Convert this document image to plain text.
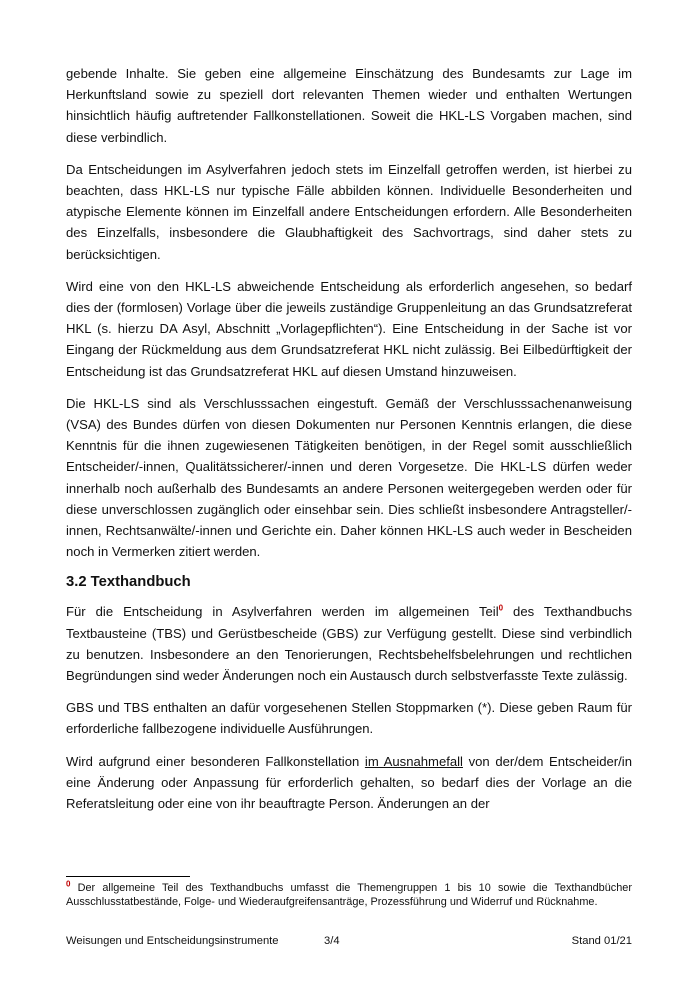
gebende Inhalte. Sie geben eine allgemeine Einschätzung des Bundesamts zur Lage im Herkunftsland sowie zu speziell dort relevanten Themen wieder und enthalten Wertungen hinsichtlich häufig auftretender Fallkonstellationen. Soweit die HKL-LS Vorgaben machen, sind diese verbindlich.

Da Entscheidungen im Asylverfahren jedoch stets im Einzelfall getroffen werden, ist hierbei zu beachten, dass HKL-LS nur typische Fälle abbilden können. Individuelle Besonderheiten und atypische Elemente können im Einzelfall andere Entscheidungen erfordern. Alle Besonderheiten des Einzelfalls, insbesondere die Glaubhaftigkeit des Sachvortrags, sind daher stets zu berücksichtigen.

Wird eine von den HKL-LS abweichende Entscheidung als erforderlich angesehen, so bedarf dies der (formlosen) Vorlage über die jeweils zuständige Gruppenleitung an das Grundsatzreferat HKL (s. hierzu DA Asyl, Abschnitt „Vorlagepflichten“). Eine Entscheidung in der Sache ist vor Eingang der Rückmeldung aus dem Grundsatzreferat HKL nicht zulässig. Bei Eilbedürftigkeit der Entscheidung ist das Grundsatzreferat HKL auf diesen Umstand hinzuweisen.

Die HKL-LS sind als Verschlusssachen eingestuft. Gemäß der Verschlusssachenanweisung (VSA) des Bundes dürfen von diesen Dokumenten nur Personen Kenntnis erlangen, die diese Kenntnis für die ihnen zugewiesenen Tätigkeiten benötigen, in der Regel somit ausschließlich Entscheider/-innen, Qualitätssicherer/-innen und deren Vorgesetze. Die HKL-LS dürfen weder innerhalb noch außerhalb des Bundesamts an andere Personen weitergegeben werden oder für diese unverschlossen zugänglich oder einsehbar sein. Dies schließt insbesondere Antragsteller/-innen, Rechtsanwälte/-innen und Gerichte ein. Daher können HKL-LS auch weder in Bescheiden noch in Vermerken zitiert werden.

3.2 Texthandbuch

Für die Entscheidung in Asylverfahren werden im allgemeinen Teil$^0$ des Texthandbuchs Textbausteine (TBS) und Gerüstbescheide (GBS) zur Verfügung gestellt. Diese sind verbindlich zu benutzen. Insbesondere an den Tenorierungen, Rechtsbehelfsbelehrungen und rechtlichen Begründungen sind weder Änderungen noch ein Austausch durch selbstverfasste Texte zulässig.

GBS und TBS enthalten an dafür vorgesehenen Stellen Stoppmarken (*). Diese geben Raum für erforderliche fallbezogene individuelle Ausführungen.

Wird aufgrund einer besonderen Fallkonstellation im Ausnahmefall von der/dem Entscheider/in eine Änderung oder Anpassung für erforderlich gehalten, so bedarf dies der Vorlage an die Referatsleitung oder eine von ihr beauftragte Person. Änderungen an der

$^0$ Der allgemeine Teil des Texthandbuchs umfasst die Themengruppen 1 bis 10 sowie die Texthandbücher Ausschlusstatbestände, Folge- und Wiederaufgreifensanträge, Prozessführung und Widerruf und Rücknahme.
Weisungen und Entscheidungsinstrumente	3/4	Stand 01/21
